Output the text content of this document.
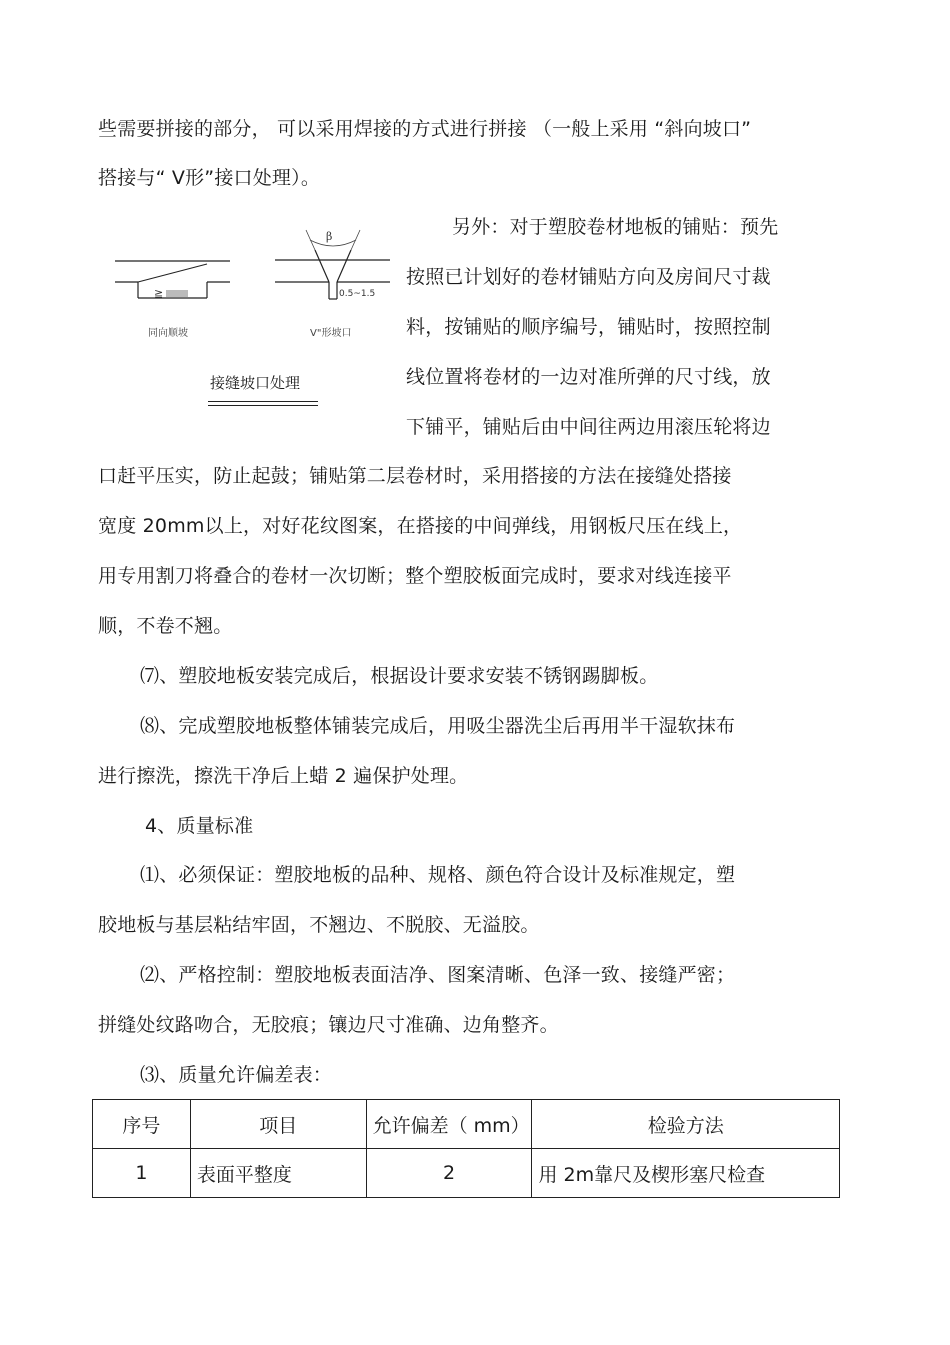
些需要拼接的部分， 可以采用焊接的方式进行拼接 （一般上采用 “斜向坡口”
搭接与“ V形”接口处理）。
≧
β
0.5~1.5
同向顺坡	V"形坡口
接缝坡口处理
另外：对于塑胶卷材地板的铺贴：预先
按照已计划好的卷材铺贴方向及房间尺寸裁
料，按铺贴的顺序编号，铺贴时，按照控制
线位置将卷材的一边对准所弹的尺寸线，放
下铺平，铺贴后由中间往两边用滚压轮将边
口赶平压实，防止起鼓；铺贴第二层卷材时，采用搭接的方法在接缝处搭接
宽度 20mm以上，对好花纹图案，在搭接的中间弹线，用钢板尺压在线上，
用专用割刀将叠合的卷材一次切断；整个塑胶板面完成时，要求对线连接平
顺，不卷不翘。
⑺、塑胶地板安装完成后，根据设计要求安装不锈钢踢脚板。
⑻、完成塑胶地板整体铺装完成后，用吸尘器洗尘后再用半干湿软抹布
进行擦洗，擦洗干净后上蜡 2 遍保护处理。
4、质量标准
⑴、必须保证：塑胶地板的品种、规格、颜色符合设计及标准规定，塑
胶地板与基层粘结牢固，不翘边、不脱胶、无溢胶。
⑵、严格控制：塑胶地板表面洁净、图案清晰、色泽一致、接缝严密；
拼缝处纹路吻合，无胶痕；镶边尺寸准确、边角整齐。
⑶、质量允许偏差表：
序号	项目	允许偏差（ mm）	检验方法
1	表面平整度	2	用 2m靠尺及楔形塞尺检查
